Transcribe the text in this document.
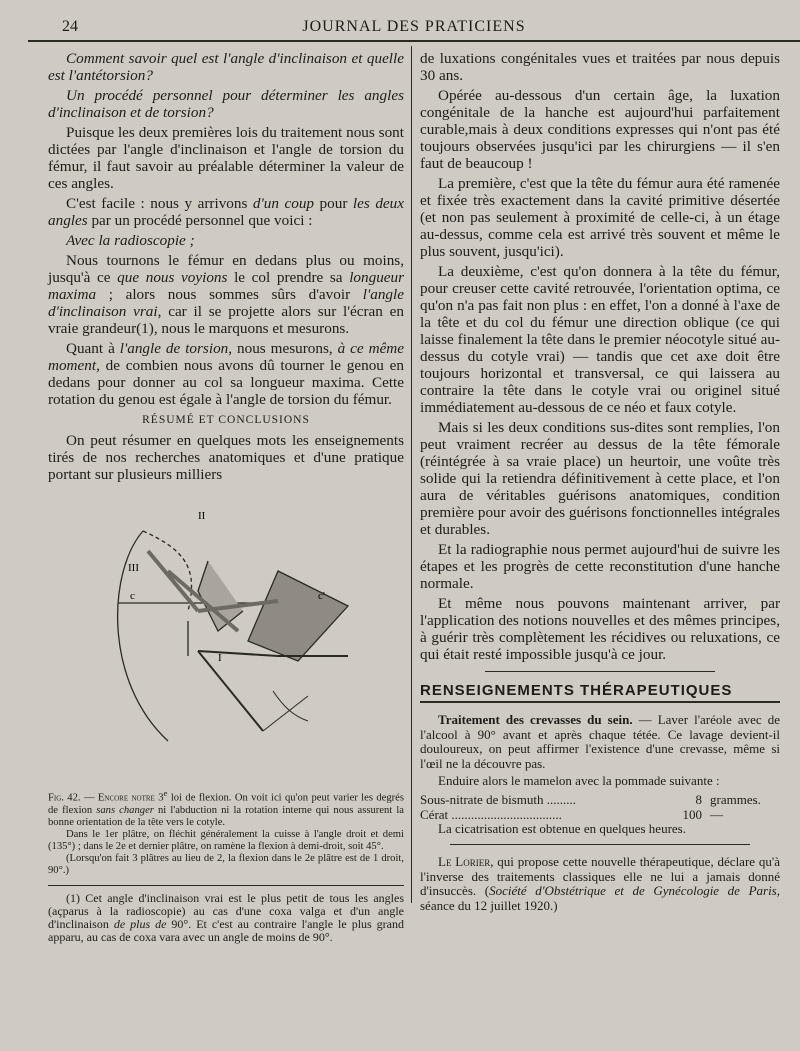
24	JOURNAL DES PRATICIENS

Comment savoir quel est l'angle d'inclinaison et quelle est l'antétorsion?

Un procédé personnel pour déterminer les angles d'inclinaison et de torsion?

Puisque les deux premières lois du traitement nous sont dictées par l'angle d'inclinaison et l'angle de torsion du fémur, il faut savoir au préalable déterminer la valeur de ces angles.

C'est facile : nous y arrivons d'un coup pour les deux angles par un procédé personnel que voici :

Avec la radioscopie ;

Nous tournons le fémur en dedans plus ou moins, jusqu'à ce que nous voyions le col prendre sa longueur maxima ; alors nous sommes sûrs d'avoir l'angle d'inclinaison vrai, car il se projette alors sur l'écran en vraie grandeur(1), nous le marquons et mesurons.

Quant à l'angle de torsion, nous mesurons, à ce même moment, de combien nous avons dû tourner le genou en dedans pour donner au col sa longueur maxima. Cette rotation du genou est égale à l'angle de torsion du fémur.

RÉSUMÉ ET CONCLUSIONS

On peut résumer en quelques mots les enseignements tirés de nos recherches anatomiques et d'une pratique portant sur plusieurs milliers

II
III
I
c	c'

Fig. 42. — Encore notre 3e loi de flexion. On voit ici qu'on peut varier les degrés de flexion sans changer ni l'abduction ni la rotation interne qui nous assurent la bonne orientation de la tête vers le cotyle.

Dans le 1er plâtre, on fléchit généralement la cuisse à l'angle droit et demi (135°) ; dans le 2e et dernier plâtre, on ramène la flexion à demi-droit, soit 45°.

(Lorsqu'on fait 3 plâtres au lieu de 2, la flexion dans le 2e plâtre est de 1 droit, 90°.)

(1) Cet angle d'inclinaison vrai est le plus petit de tous les angles (açparus à la radioscopie) au cas d'une coxa valga et d'un angle d'inclinaison de plus de 90°. Et c'est au contraire l'angle le plus grand apparu, au cas de coxa vara avec un angle de moins de 90°.

de luxations congénitales vues et traitées par nous depuis 30 ans.

Opérée au-dessous d'un certain âge, la luxation congénitale de la hanche est aujourd'hui parfaitement curable,mais à deux conditions expresses qui n'ont pas été toujours observées jusqu'ici par les chirurgiens — il s'en faut de beaucoup !

La première, c'est que la tête du fémur aura été ramenée et fixée très exactement dans la cavité primitive désertée (et non pas seulement à proximité de celle-ci, à un étage au-dessus, comme cela est arrivé très souvent et même le plus souvent, jusqu'ici).

La deuxième, c'est qu'on donnera à la tête du fémur, pour creuser cette cavité retrouvée, l'orientation optima, ce qu'on n'a pas fait non plus : en effet, l'on a donné à l'axe de la tête et du col du fémur une direction oblique (ce qui laisse finalement la tête dans le premier néocotyle situé au-dessus du cotyle vrai) — tandis que cet axe doit être toujours horizontal et transversal, ce qui laissera au contraire la tête dans le cotyle vrai ou originel situé immédiatement au-dessous de ce néo et faux cotyle.

Mais si les deux conditions sus-dites sont remplies, l'on peut vraiment recréer au dessus de la tête fémorale (réintégrée à sa vraie place) un heurtoir, une voûte très solide qui la retiendra définitivement à cette place, et l'on aura de véritables guérisons anatomiques, condition première pour avoir des guérisons fonctionnelles intégrales et durables.

Et la radiographie nous permet aujourd'hui de suivre les étapes et les progrès de cette reconstitution d'une hanche normale.

Et même nous pouvons maintenant arriver, par l'application des notions nouvelles et des mêmes principes, à guérir très complètement les récidives ou reluxations, ce qui était resté impossible jusqu'à ce jour.

RENSEIGNEMENTS THÉRAPEUTIQUES

Traitement des crevasses du sein. — Laver l'aréole avec de l'alcool à 90° avant et après chaque tétée. Ce lavage devient-il douloureux, on peut affirmer l'existence d'une crevasse, même si l'œil ne la découvre pas.

Enduire alors le mamelon avec la pommade suivante :

Sous-nitrate de bismuth .........	8 grammes.
Cérat ..................................	100 —

La cicatrisation est obtenue en quelques heures.

Le Lorier, qui propose cette nouvelle thérapeutique, déclare qu'à l'inverse des traitements classiques elle ne lui a jamais donné d'insuccès. (Société d'Obstétrique et de Gynécologie de Paris, séance du 12 juillet 1920.)
